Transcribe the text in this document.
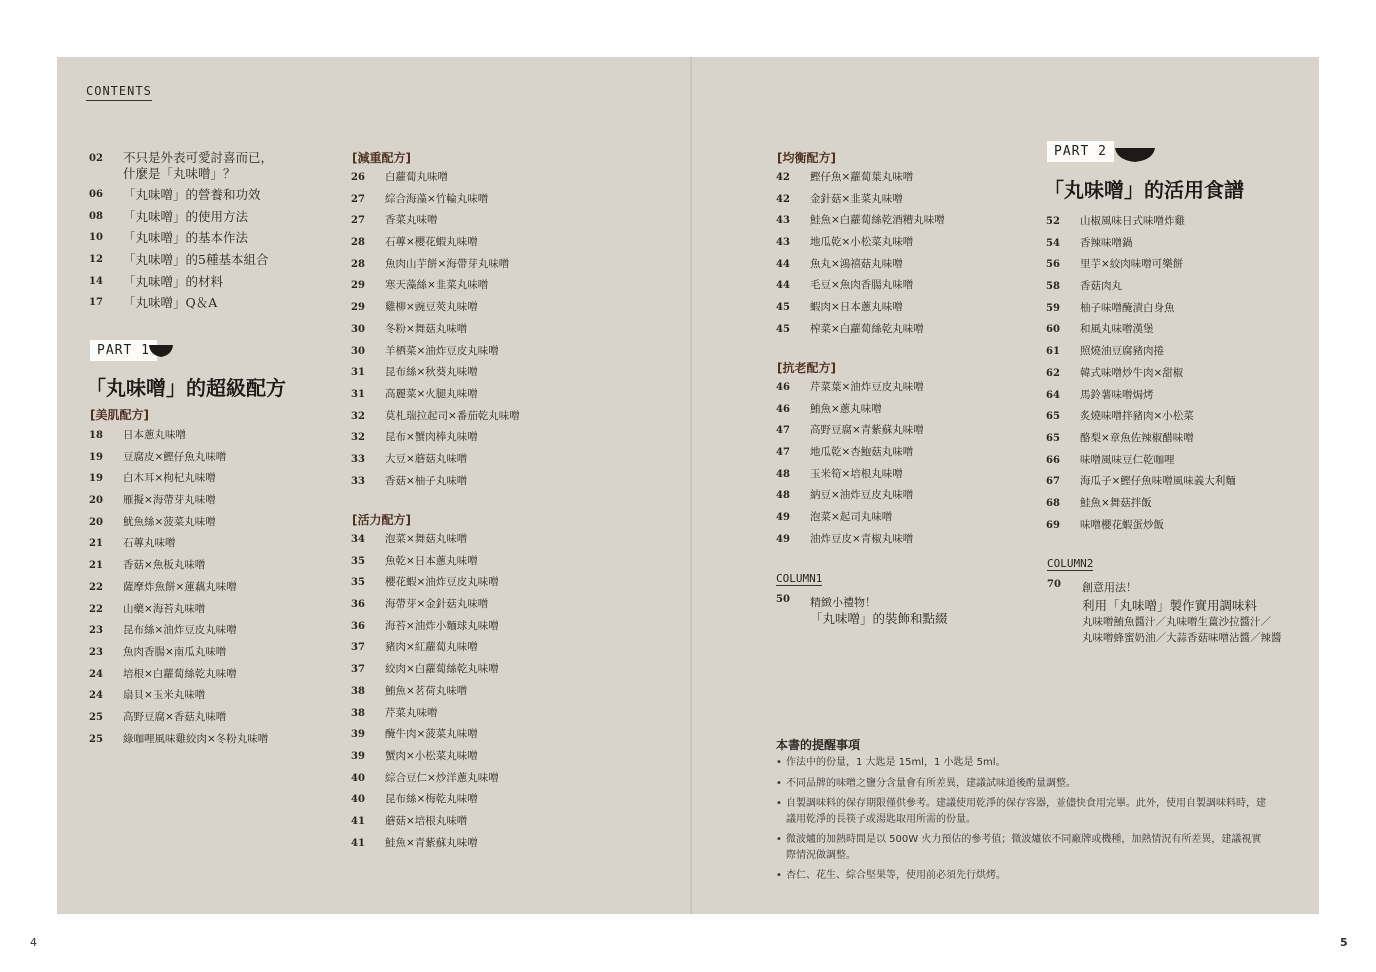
CONTENTS
02	不只是外表可愛討喜而已，
什麼是「丸味噌」？
06	「丸味噌」的營養和功效
08	「丸味噌」的使用方法
10	「丸味噌」的基本作法
12	「丸味噌」的5種基本組合
14	「丸味噌」的材料
17	「丸味噌」Q＆A
PART 1
「丸味噌」的超級配方
[美肌配方]
18	日本蔥丸味噌
19	豆腐皮×鰹仔魚丸味噌
19	白木耳×枸杞丸味噌
20	雁擬×海帶芽丸味噌
20	魷魚絲×菠菜丸味噌
21	石蓴丸味噌
21	香菇×魚板丸味噌
22	薩摩炸魚餅×蓮藕丸味噌
22	山藥×海苔丸味噌
23	昆布絲×油炸豆皮丸味噌
23	魚肉香腸×南瓜丸味噌
24	培根×白蘿蔔絲乾丸味噌
24	扇貝×玉米丸味噌
25	高野豆腐×香菇丸味噌
25	綠咖哩風味雞絞肉×冬粉丸味噌
[減重配方]
26	白蘿蔔丸味噌
27	綜合海藻×竹輪丸味噌
27	香菜丸味噌
28	石蓴×櫻花蝦丸味噌
28	魚肉山芋餅×海帶芽丸味噌
29	寒天藻絲×韭菜丸味噌
29	雞柳×豌豆莢丸味噌
30	冬粉×舞菇丸味噌
30	羊栖菜×油炸豆皮丸味噌
31	昆布絲×秋葵丸味噌
31	高麗菜×火腿丸味噌
32	莫札瑞拉起司×番茄乾丸味噌
32	昆布×蟹肉棒丸味噌
33	大豆×蘑菇丸味噌
33	香菇×柚子丸味噌
[活力配方]
34	泡菜×舞菇丸味噌
35	魚乾×日本蔥丸味噌
35	櫻花蝦×油炸豆皮丸味噌
36	海帶芽×金針菇丸味噌
36	海苔×油炸小麵球丸味噌
37	豬肉×紅蘿蔔丸味噌
37	絞肉×白蘿蔔絲乾丸味噌
38	鮪魚×茗荷丸味噌
38	芹菜丸味噌
39	醃牛肉×菠菜丸味噌
39	蟹肉×小松菜丸味噌
40	綜合豆仁×炒洋蔥丸味噌
40	昆布絲×梅乾丸味噌
41	蘑菇×培根丸味噌
41	鮭魚×青紫蘇丸味噌
[均衡配方]
42	鰹仔魚×蘿蔔葉丸味噌
42	金針菇×韭菜丸味噌
43	鮭魚×白蘿蔔絲乾酒糟丸味噌
43	地瓜乾×小松菜丸味噌
44	魚丸×鴻禧菇丸味噌
44	毛豆×魚肉香腸丸味噌
45	蝦肉×日本蔥丸味噌
45	榨菜×白蘿蔔絲乾丸味噌
[抗老配方]
46	芹菜葉×油炸豆皮丸味噌
46	鮪魚×蔥丸味噌
47	高野豆腐×青紫蘇丸味噌
47	地瓜乾×杏鮑菇丸味噌
48	玉米筍×培根丸味噌
48	納豆×油炸豆皮丸味噌
49	泡菜×起司丸味噌
49	油炸豆皮×青椒丸味噌
COLUMN1
50 精緻小禮物！
「丸味噌」的裝飾和點綴
PART 2
「丸味噌」的活用食譜
52	山椒風味日式味噌炸雞
54	香辣味噌鍋
56	里芋×絞肉味噌可樂餅
58	香菇肉丸
59	柚子味噌醃漬白身魚
60	和風丸味噌漢堡
61	照燒油豆腐豬肉捲
62	韓式味噌炒牛肉×甜椒
64	馬鈴薯味噌焗烤
65	炙燒味噌拌豬肉×小松菜
65	酪梨×章魚佐辣椒醋味噌
66	味噌風味豆仁乾咖哩
67	海瓜子×鰹仔魚味噌風味義大利麵
68	鮭魚×舞菇拌飯
69	味噌櫻花蝦蛋炒飯
COLUMN2
70 創意用法！
利用「丸味噌」製作實用調味料
丸味噌鮪魚醬汁／丸味噌生薑沙拉醬汁／
丸味噌蜂蜜奶油／大蒜香菇味噌沾醬／辣醬
本書的提醒事項
• 作法中的份量，1 大匙是 15ml，1 小匙是 5ml。
• 不同品牌的味噌之鹽分含量會有所差異，建議試味道後酌量調整。
• 自製調味料的保存期限僅供參考。建議使用乾淨的保存容器，並儘快食用完畢。此外，使用自製調味料時，建議用乾淨的長筷子或湯匙取用所需的份量。
• 微波爐的加熱時間是以 500W 火力預估的參考值；微波爐依不同廠牌或機種，加熱情況有所差異，建議視實際情況做調整。
• 杏仁、花生、綜合堅果等，使用前必須先行烘烤。
4	5
